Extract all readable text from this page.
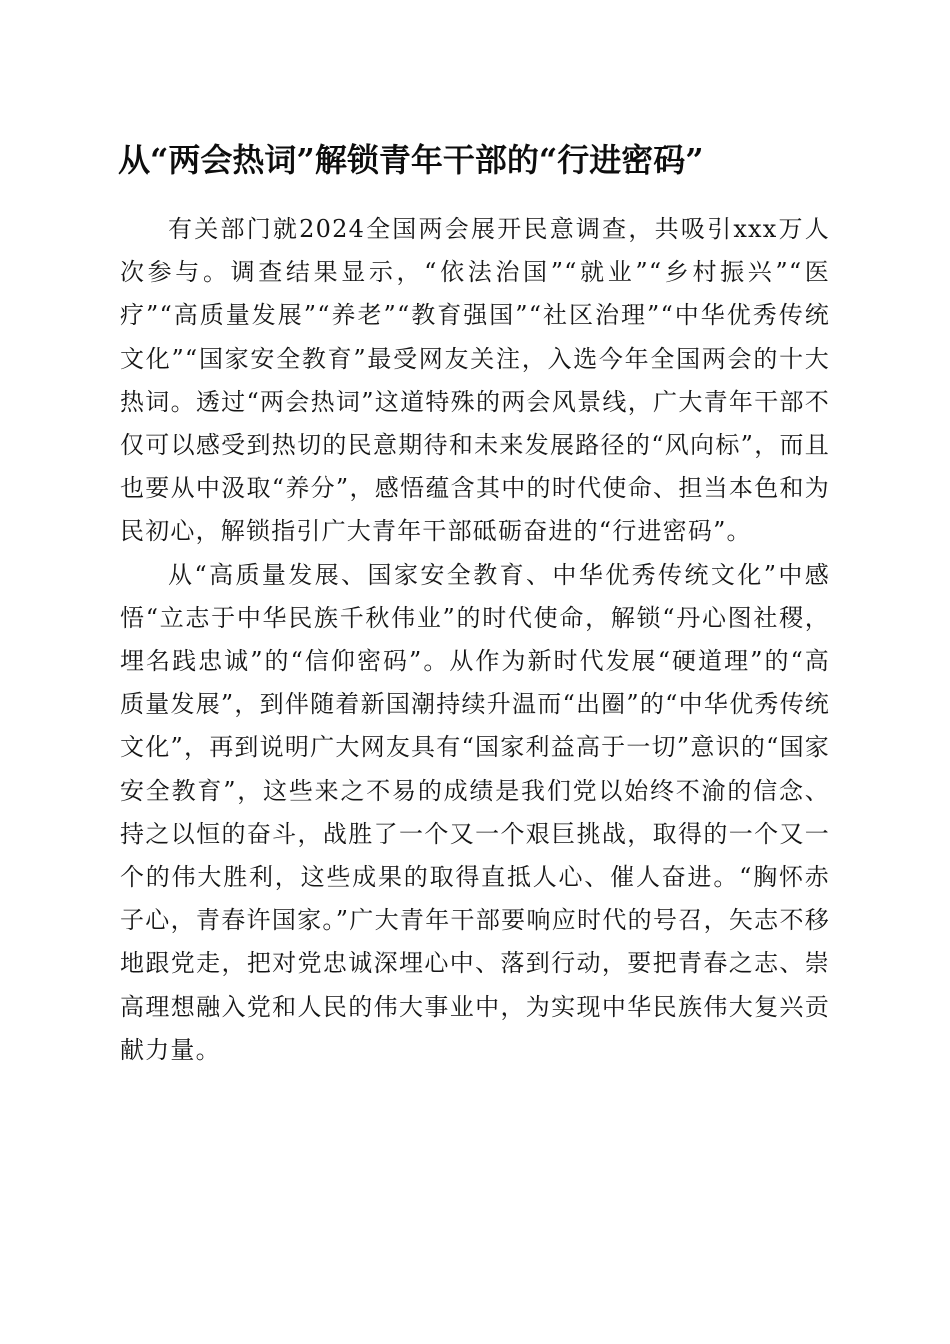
从“两会热词”解锁青年干部的“行进密码”

有关部门就2024全国两会展开民意调查，共吸引xxx万人次参与。调查结果显示，“依法治国”“就业”“乡村振兴”“医疗”“高质量发展”“养老”“教育强国”“社区治理”“中华优秀传统文化”“国家安全教育”最受网友关注，入选今年全国两会的十大热词。透过“两会热词”这道特殊的两会风景线，广大青年干部不仅可以感受到热切的民意期待和未来发展路径的“风向标”，而且也要从中汲取“养分”，感悟蕴含其中的时代使命、担当本色和为民初心，解锁指引广大青年干部砥砺奋进的“行进密码”。

从“高质量发展、国家安全教育、中华优秀传统文化”中感悟“立志于中华民族千秋伟业”的时代使命，解锁“丹心图社稷，埋名践忠诚”的“信仰密码”。从作为新时代发展“硬道理”的“高质量发展”，到伴随着新国潮持续升温而“出圈”的“中华优秀传统文化”，再到说明广大网友具有“国家利益高于一切”意识的“国家安全教育”，这些来之不易的成绩是我们党以始终不渝的信念、持之以恒的奋斗，战胜了一个又一个艰巨挑战，取得的一个又一个的伟大胜利，这些成果的取得直抵人心、催人奋进。“胸怀赤子心，青春许国家。”广大青年干部要响应时代的号召，矢志不移地跟党走，把对党忠诚深埋心中、落到行动，要把青春之志、崇高理想融入党和人民的伟大事业中，为实现中华民族伟大复兴贡献力量。
